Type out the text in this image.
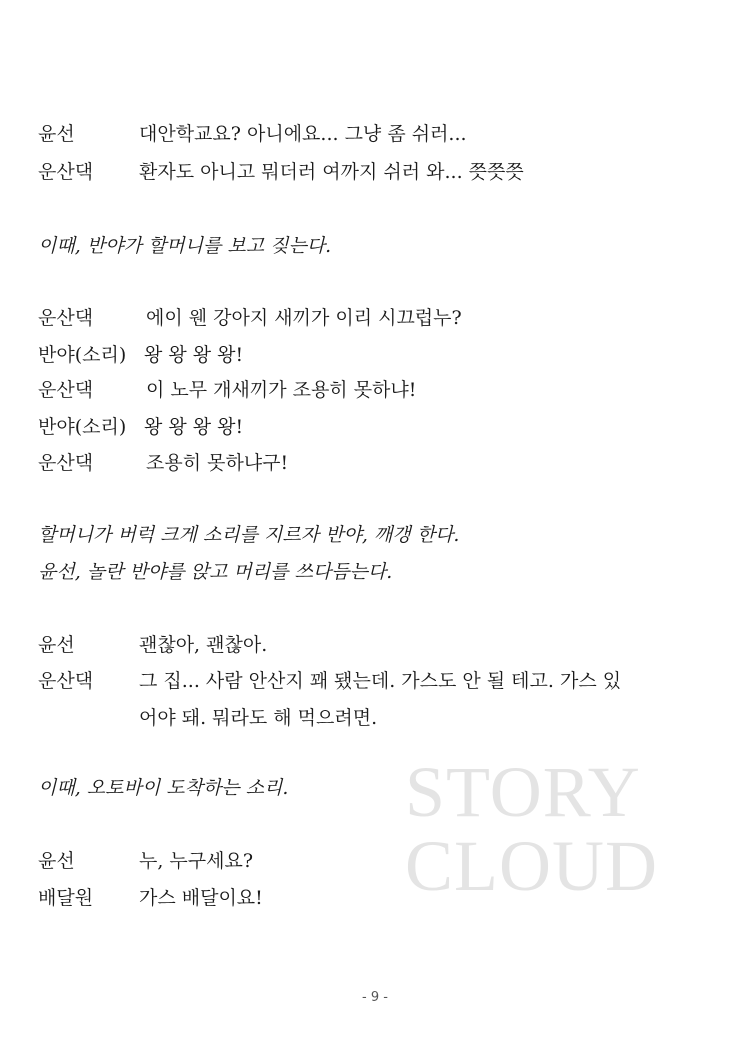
윤선	대안학교요? 아니에요... 그냥 좀 쉬러...
운산댁 환자도 아니고 뭐더러 여까지 쉬러 와... 쯧쯧쯧
이때, 반야가 할머니를 보고 짖는다.
운산댁	에이 웬 강아지 새끼가 이리 시끄럽누?
반야(소리) 왕 왕 왕 왕!
운산댁	이 노무 개새끼가 조용히 못하냐!
반야(소리) 왕 왕 왕 왕!
운산댁	조용히 못하냐구!
할머니가 버럭 크게 소리를 지르자 반야, 깨갱 한다.
윤선, 놀란 반야를 앉고 머리를 쓰다듬는다.
윤선	괜찮아, 괜찮아.
운산댁 그 집... 사람 안산지 꽤 됐는데. 가스도 안 될 테고. 가스 있
어야 돼. 뭐라도 해 먹으려면.
이때, 오토바이 도착하는 소리.
윤선	누, 누구세요?
배달원 가스 배달이요!
STORY
CLOUD
- 9 -
